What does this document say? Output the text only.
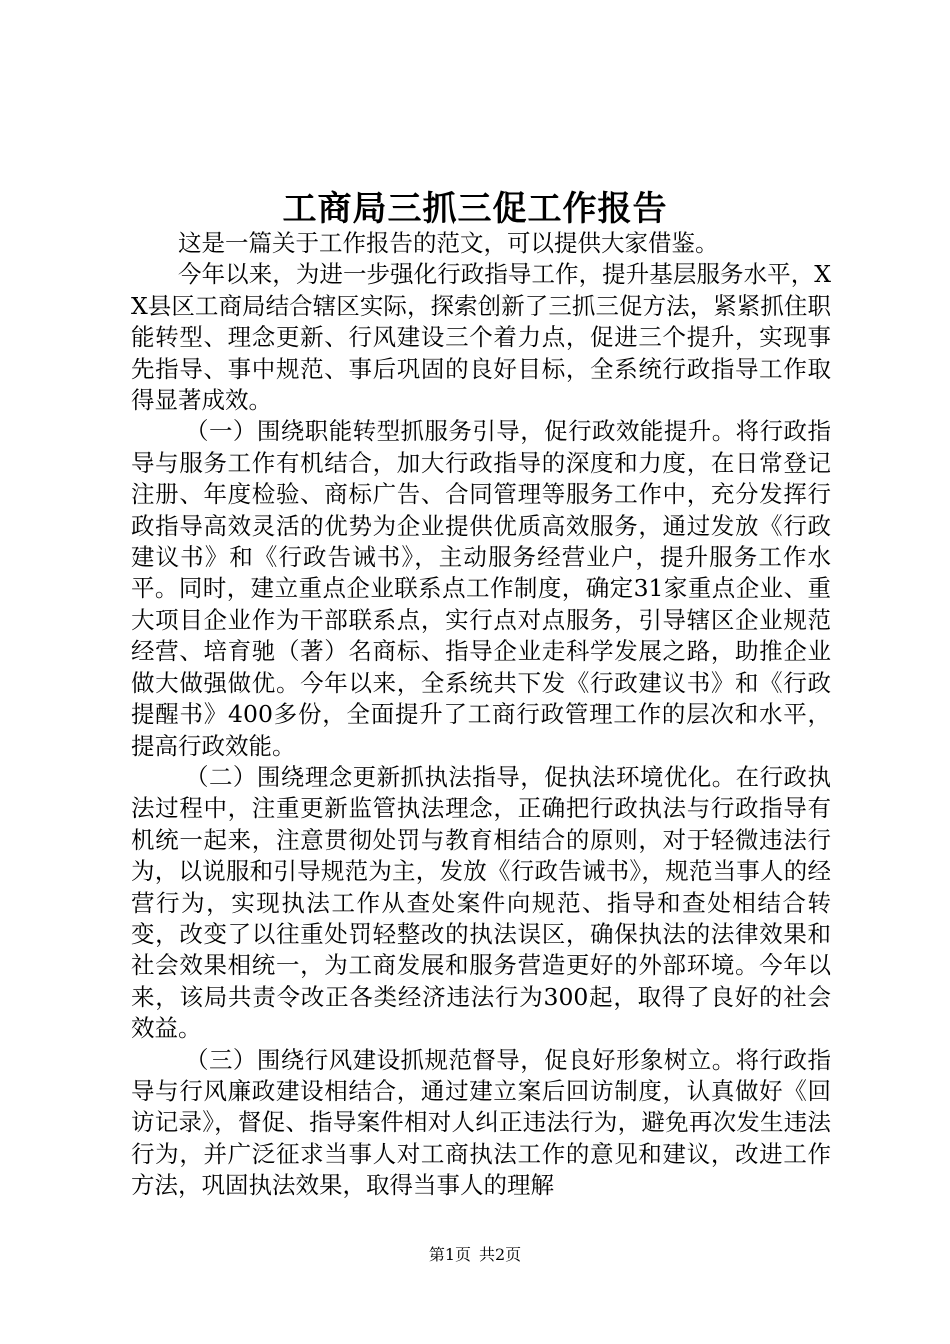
工商局三抓三促工作报告

这是一篇关于工作报告的范文，可以提供大家借鉴。

今年以来，为进一步强化行政指导工作，提升基层服务水平，XX县区工商局结合辖区实际，探索创新了三抓三促方法，紧紧抓住职能转型、理念更新、行风建设三个着力点，促进三个提升，实现事先指导、事中规范、事后巩固的良好目标，全系统行政指导工作取得显著成效。

（一）围绕职能转型抓服务引导，促行政效能提升。将行政指导与服务工作有机结合，加大行政指导的深度和力度，在日常登记注册、年度检验、商标广告、合同管理等服务工作中，充分发挥行政指导高效灵活的优势为企业提供优质高效服务，通过发放《行政建议书》和《行政告诫书》，主动服务经营业户，提升服务工作水平。同时，建立重点企业联系点工作制度，确定31家重点企业、重大项目企业作为干部联系点，实行点对点服务，引导辖区企业规范经营、培育驰（著）名商标、指导企业走科学发展之路，助推企业做大做强做优。今年以来，全系统共下发《行政建议书》和《行政提醒书》400多份，全面提升了工商行政管理工作的层次和水平，提高行政效能。

（二）围绕理念更新抓执法指导，促执法环境优化。在行政执法过程中，注重更新监管执法理念，正确把行政执法与行政指导有机统一起来，注意贯彻处罚与教育相结合的原则，对于轻微违法行为，以说服和引导规范为主，发放《行政告诫书》，规范当事人的经营行为，实现执法工作从查处案件向规范、指导和查处相结合转变，改变了以往重处罚轻整改的执法误区，确保执法的法律效果和社会效果相统一，为工商发展和服务营造更好的外部环境。今年以来，该局共责令改正各类经济违法行为300起，取得了良好的社会效益。

（三）围绕行风建设抓规范督导，促良好形象树立。将行政指导与行风廉政建设相结合，通过建立案后回访制度，认真做好《回访记录》，督促、指导案件相对人纠正违法行为，避免再次发生违法行为，并广泛征求当事人对工商执法工作的意见和建议，改进工作方法，巩固执法效果，取得当事人的理解

第1页 共2页
